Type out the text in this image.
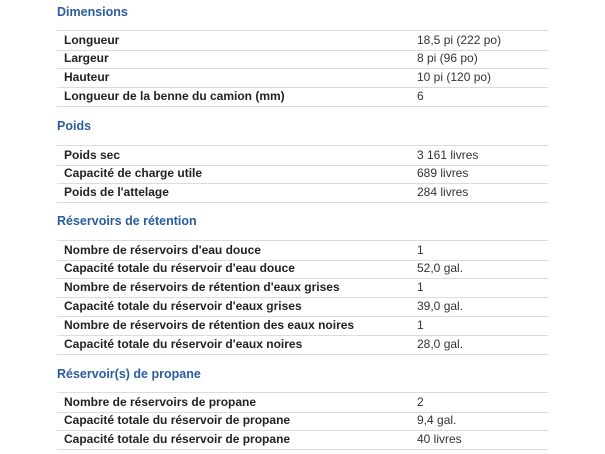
Dimensions
Longueur	18,5 pi (222 po)
Largeur	8 pi (96 po)
Hauteur	10 pi (120 po)
Longueur de la benne du camion (mm)	6
Poids
Poids sec	3 161 livres
Capacité de charge utile	689 livres
Poids de l'attelage	284 livres
Réservoirs de rétention
Nombre de réservoirs d'eau douce	1
Capacité totale du réservoir d'eau douce	52,0 gal.
Nombre de réservoirs de rétention d'eaux grises	1
Capacité totale du réservoir d'eaux grises	39,0 gal.
Nombre de réservoirs de rétention des eaux noires	1
Capacité totale du réservoir d'eaux noires	28,0 gal.
Réservoir(s) de propane
Nombre de réservoirs de propane	2
Capacité totale du réservoir de propane	9,4 gal.
Capacité totale du réservoir de propane	40 livres
